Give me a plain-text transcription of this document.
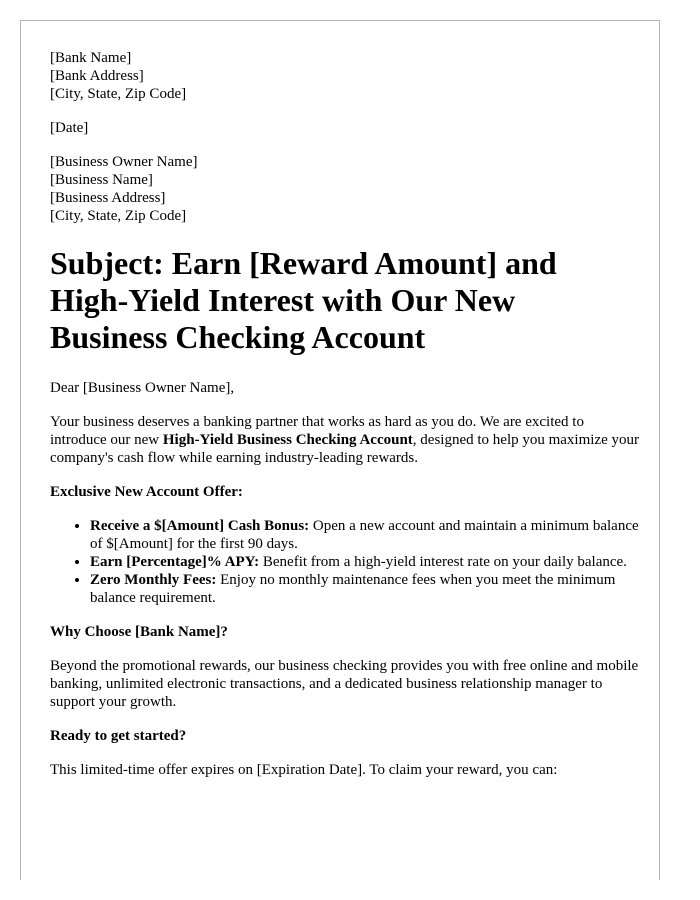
[Bank Name]
[Bank Address]
[City, State, Zip Code]
[Date]
[Business Owner Name]
[Business Name]
[Business Address]
[City, State, Zip Code]
Subject: Earn [Reward Amount] and High-Yield Interest with Our New Business Checking Account

Dear [Business Owner Name],

Your business deserves a banking partner that works as hard as you do. We are excited to introduce our new High-Yield Business Checking Account, designed to help you maximize your company's cash flow while earning industry-leading rewards.

Exclusive New Account Offer:

• Receive a $[Amount] Cash Bonus: Open a new account and maintain a minimum balance of $[Amount] for the first 90 days.
• Earn [Percentage]% APY: Benefit from a high-yield interest rate on your daily balance.
• Zero Monthly Fees: Enjoy no monthly maintenance fees when you meet the minimum balance requirement.

Why Choose [Bank Name]?

Beyond the promotional rewards, our business checking provides you with free online and mobile banking, unlimited electronic transactions, and a dedicated business relationship manager to support your growth.

Ready to get started?

This limited-time offer expires on [Expiration Date]. To claim your reward, you can:
